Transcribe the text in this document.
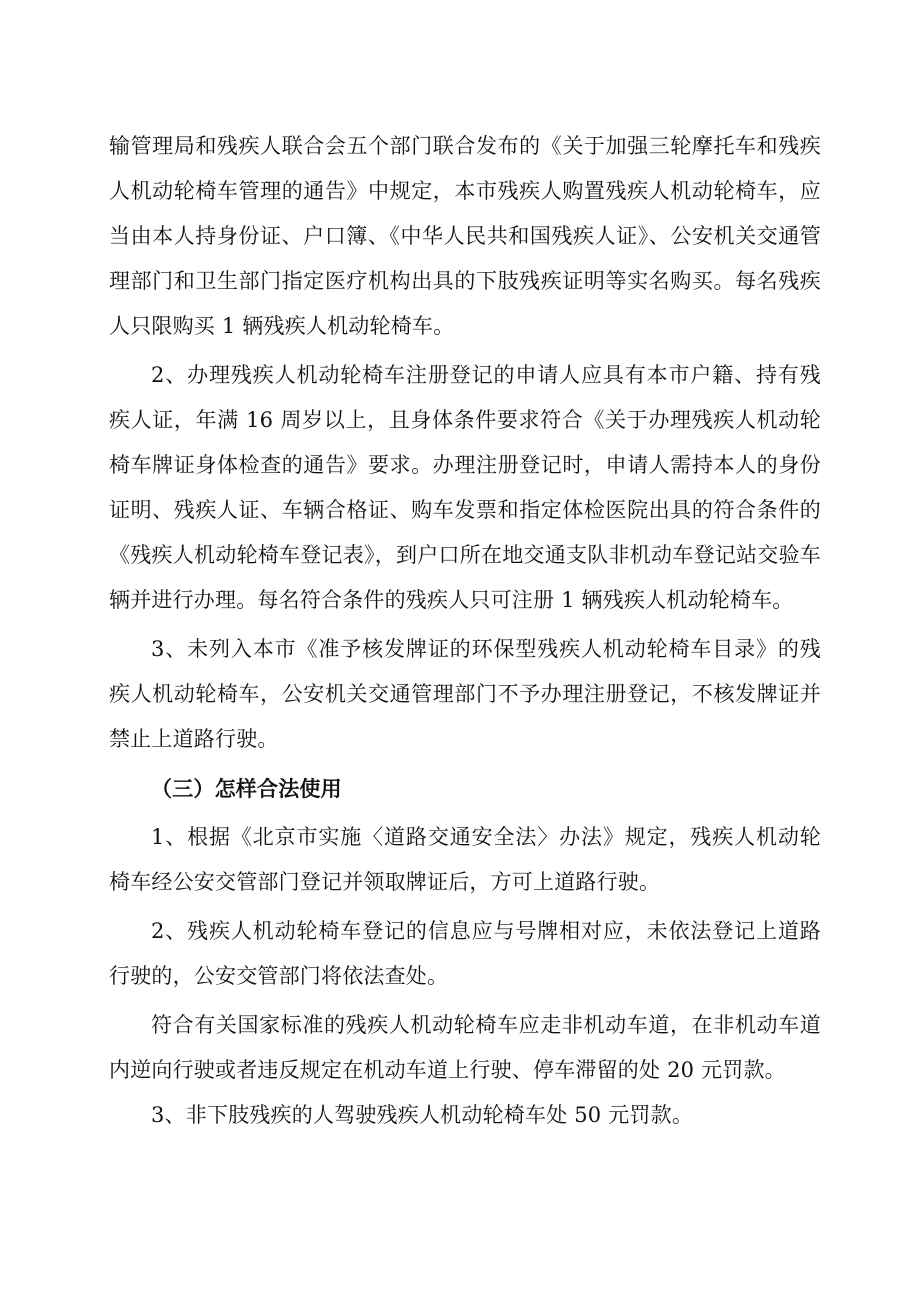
输管理局和残疾人联合会五个部门联合发布的《关于加强三轮摩托车和残疾人机动轮椅车管理的通告》中规定，本市残疾人购置残疾人机动轮椅车，应当由本人持身份证、户口簿、《中华人民共和国残疾人证》、公安机关交通管理部门和卫生部门指定医疗机构出具的下肢残疾证明等实名购买。每名残疾人只限购买 1 辆残疾人机动轮椅车。

2、办理残疾人机动轮椅车注册登记的申请人应具有本市户籍、持有残疾人证，年满 16 周岁以上，且身体条件要求符合《关于办理残疾人机动轮椅车牌证身体检查的通告》要求。办理注册登记时，申请人需持本人的身份证明、残疾人证、车辆合格证、购车发票和指定体检医院出具的符合条件的《残疾人机动轮椅车登记表》，到户口所在地交通支队非机动车登记站交验车辆并进行办理。每名符合条件的残疾人只可注册 1 辆残疾人机动轮椅车。

3、未列入本市《准予核发牌证的环保型残疾人机动轮椅车目录》的残疾人机动轮椅车，公安机关交通管理部门不予办理注册登记，不核发牌证并禁止上道路行驶。

（三）怎样合法使用

1、根据《北京市实施〈道路交通安全法〉办法》规定，残疾人机动轮椅车经公安交管部门登记并领取牌证后，方可上道路行驶。

2、残疾人机动轮椅车登记的信息应与号牌相对应，未依法登记上道路行驶的，公安交管部门将依法查处。

符合有关国家标准的残疾人机动轮椅车应走非机动车道，在非机动车道内逆向行驶或者违反规定在机动车道上行驶、停车滞留的处 20 元罚款。

3、非下肢残疾的人驾驶残疾人机动轮椅车处 50 元罚款。
